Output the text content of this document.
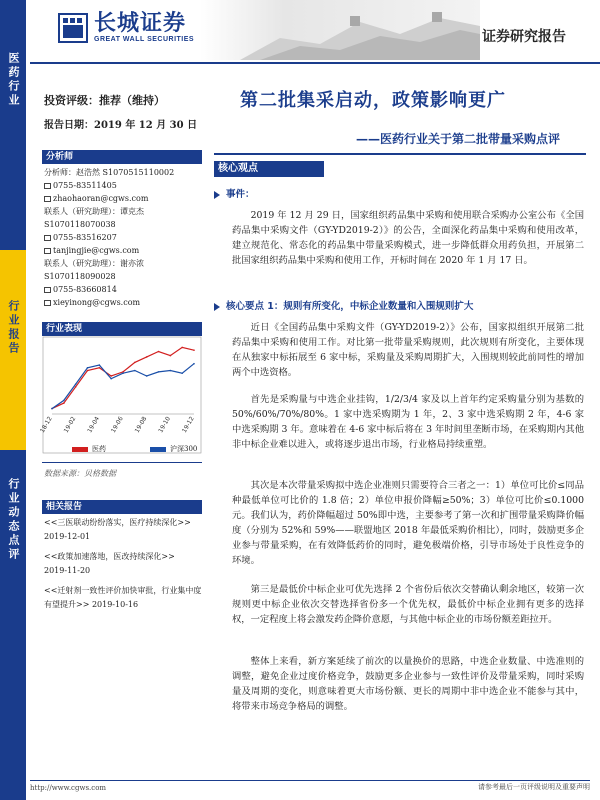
长城证券
GREAT WALL SECURITIES	证券研究报告
医药行业
行业报告
行业动态点评
投资评级：推荐（维持）
报告日期：2019 年 12 月 30 日
第二批集采启动，政策影响更广
——医药行业关于第二批带量采购点评
分析师
分析师：赵浩然 S1070515110002
0755-83511405
zhaohaoran@cgws.com
联系人（研究助理）：谭克杰
S1070118070038
0755-83516207
tanjingjie@cgws.com
联系人（研究助理）：谢亦浓
S1070118090028
0755-83660814
xieyinong@cgws.com
行业表现
18-12 19-02 19-04 19-06 19-08 19-10 19-12
医药	沪深300
数据来源：贝格数据
相关报告
<<三医联动纷纷落实，医疗持续深化>>
2019-12-01
<<政策加速落地，医改持续深化>>
2019-11-20
<<迁射剂一致性评价加快审批，行业集中度有望提升>> 2019-10-16
核心观点
事件：
2019 年 12 月 29 日，国家组织药品集中采购和使用联合采购办公室公布《全国药品集中采购文件（GY-YD2019-2）》的公告，全面深化药品集中采购和使用改革，建立规范化、常态化的药品集中带量采购模式，进一步降低群众用药负担，开展第二批国家组织药品集中采购和使用工作，开标时间在 2020 年 1 月 17 日。
核心要点 1：规则有所变化，中标企业数量和入围规则扩大
近日《全国药品集中采购文件（GY-YD2019-2）》公布，国家拟组织开展第二批药品集中采购和使用工作。对比第一批带量采购规则，此次规则有所变化，主要体现在从独家中标拓展至 6 家中标，采购量及采购周期扩大，入围规则较此前同性的增加两个中选资格。
首先是采购量与中选企业挂钩，1/2/3/4 家及以上首年约定采购量分别为基数的 50%/60%/70%/80%。1 家中选采购期为 1 年，2、3 家中选采购期 2 年，4-6 家中选采购期 3 年。意味着在 4-6 家中标后将在 3 年时间里垄断市场，在采购期内其他非中标企业难以进入，或将逐步退出市场，行业格局持续重塑。
其次是本次带量采购拟中选企业准则只需要符合三者之一：1）单位可比价≤同品种最低单位可比价的 1.8 倍；2）单位申报价降幅≥50%；3）单位可比价≤0.1000 元。我们认为，药价降幅超过 50%即中选，主要参考了第一次和扩围带量采购降价幅度（分别为 52%和 59%——联盟地区 2018 年最低采购价相比），同时，鼓励更多企业参与带量采购，在有效降低药价的同时，避免极端价格，引导市场处于良性竞争的环境。
第三是最低价中标企业可优先选择 2 个省份后依次交替确认剩余地区，较第一次规则更中标企业依次交替选择省份多一个优先权，最低价中标企业拥有更多的选择权，一定程度上将会激发药企降价意愿，与其他中标企业的市场份额差距拉开。
整体上来看，新方案延续了前次的以量换价的思路，中选企业数量、中选准则的调整，避免企业过度价格竞争，鼓励更多企业参与一致性评价及带量采购，同时采购量及周期的变化，则意味着更大市场份额、更长的周期中非中选企业不能参与其中，将带来市场竞争格局的调整。
http://www.cgws.com	请参考最后一页评级说明及重要声明
